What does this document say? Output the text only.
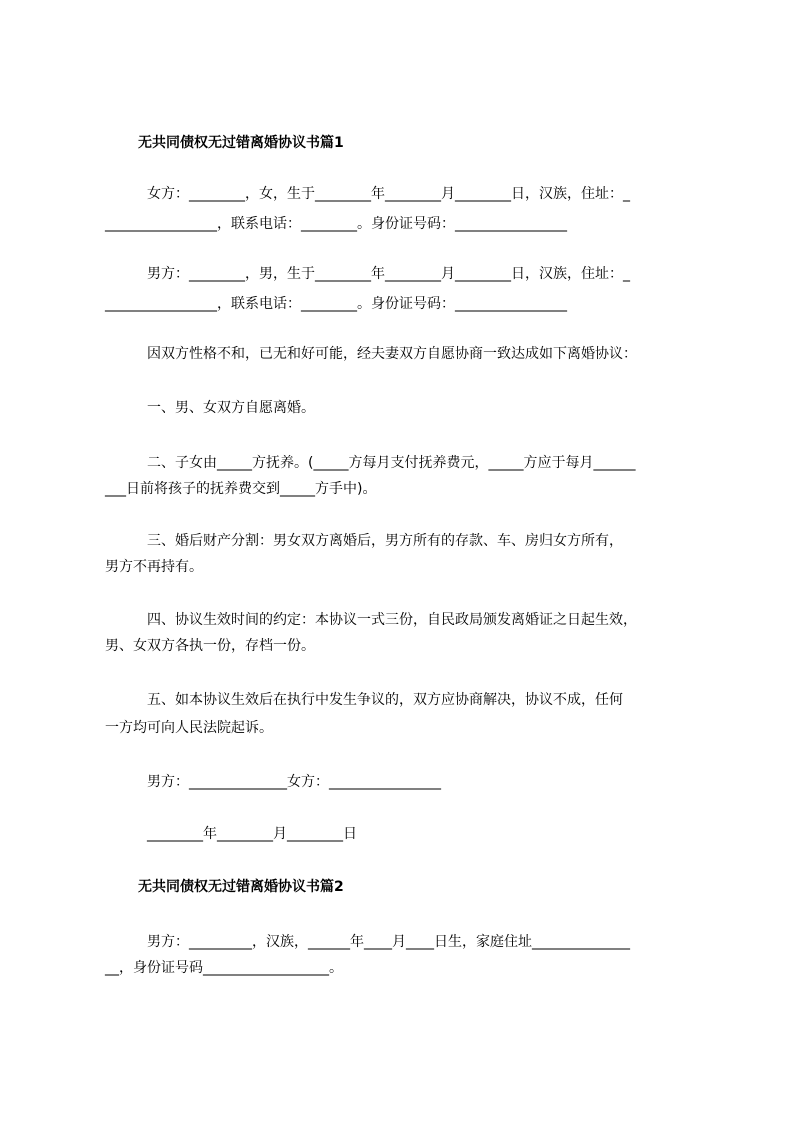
无共同债权无过错离婚协议书篇1
女方：________，女，生于________年________月________日，汉族，住址：_
________________，联系电话：________。身份证号码：________________
男方：________，男，生于________年________月________日，汉族，住址：_
________________，联系电话：________。身份证号码：________________
因双方性格不和，已无和好可能，经夫妻双方自愿协商一致达成如下离婚协议：
一、男、女双方自愿离婚。
二、子女由_____方抚养。(_____方每月支付抚养费元，_____方应于每月______
___日前将孩子的抚养费交到_____方手中)。
三、婚后财产分割：男女双方离婚后，男方所有的存款、车、房归女方所有，
男方不再持有。
四、协议生效时间的约定：本协议一式三份，自民政局颁发离婚证之日起生效，
男、女双方各执一份，存档一份。
五、如本协议生效后在执行中发生争议的，双方应协商解决，协议不成，任何
一方均可向人民法院起诉。
男方：______________女方：________________
________年________月________日
无共同债权无过错离婚协议书篇2
男方：_________，汉族，______年____月____日生，家庭住址______________
__，身份证号码__________________。
